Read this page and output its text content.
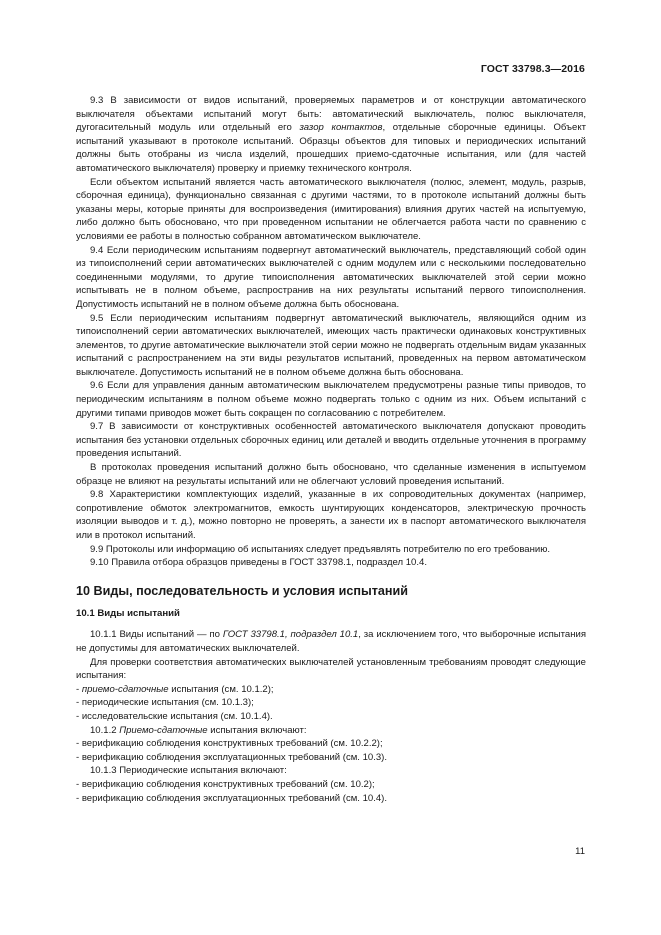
ГОСТ 33798.3—2016

9.3 В зависимости от видов испытаний, проверяемых параметров и от конструкции автоматического выключателя объектами испытаний могут быть: автоматический выключатель, полюс выключателя, дугогасительный модуль или отдельный его зазор контактов, отдельные сборочные единицы. Объект испытаний указывают в протоколе испытаний. Образцы объектов для типовых и периодических испытаний должны быть отобраны из числа изделий, прошедших приемо-сдаточные испытания, или (для частей автоматического выключателя) проверку и приемку технического контроля.

Если объектом испытаний является часть автоматического выключателя (полюс, элемент, модуль, разрыв, сборочная единица), функционально связанная с другими частями, то в протоколе испытаний должны быть указаны меры, которые приняты для воспроизведения (имитирования) влияния других частей на испытуемую, либо должно быть обосновано, что при проведенном испытании не облегчается работа части по сравнению с условиями ее работы в полностью собранном автоматическом выключателе.

9.4 Если периодическим испытаниям подвергнут автоматический выключатель, представляющий собой один из типоисполнений серии автоматических выключателей с одним модулем или с несколькими последовательно соединенными модулями, то другие типоисполнения автоматических выключателей этой серии можно испытывать не в полном объеме, распространив на них результаты испытаний первого типоисполнения. Допустимость испытаний не в полном объеме должна быть обоснована.

9.5 Если периодическим испытаниям подвергнут автоматический выключатель, являющийся одним из типоисполнений серии автоматических выключателей, имеющих часть практически одинаковых конструктивных элементов, то другие автоматические выключатели этой серии можно не подвергать отдельным видам указанных испытаний с распространением на эти виды результатов испытаний, проведенных на первом автоматическом выключателе. Допустимость испытаний не в полном объеме должна быть обоснована.

9.6 Если для управления данным автоматическим выключателем предусмотрены разные типы приводов, то периодическим испытаниям в полном объеме можно подвергать только с одним из них. Объем испытаний с другими типами приводов может быть сокращен по согласованию с потребителем.

9.7 В зависимости от конструктивных особенностей автоматического выключателя допускают проводить испытания без установки отдельных сборочных единиц или деталей и вводить отдельные уточнения в программу проведения испытаний.

В протоколах проведения испытаний должно быть обосновано, что сделанные изменения в испытуемом образце не влияют на результаты испытаний или не облегчают условий проведения испытаний.

9.8 Характеристики комплектующих изделий, указанные в их сопроводительных документах (например, сопротивление обмоток электромагнитов, емкость шунтирующих конденсаторов, электрическую прочность изоляции выводов и т. д.), можно повторно не проверять, а занести их в паспорт автоматического выключателя или в протокол испытаний.

9.9 Протоколы или информацию об испытаниях следует предъявлять потребителю по его требованию.

9.10 Правила отбора образцов приведены в ГОСТ 33798.1, подраздел 10.4.

10 Виды, последовательность и условия испытаний
10.1 Виды испытаний

10.1.1 Виды испытаний — по ГОСТ 33798.1, подраздел 10.1, за исключением того, что выборочные испытания не допустимы для автоматических выключателей.

Для проверки соответствия автоматических выключателей установленным требованиям проводят следующие испытания:

- приемо-сдаточные испытания (см. 10.1.2);

- периодические испытания (см. 10.1.3);

- исследовательские испытания (см. 10.1.4).

10.1.2 Приемо-сдаточные испытания включают:

- верификацию соблюдения конструктивных требований (см. 10.2.2);

- верификацию соблюдения эксплуатационных требований (см. 10.3).

10.1.3 Периодические испытания включают:

- верификацию соблюдения конструктивных требований (см. 10.2);

- верификацию соблюдения эксплуатационных требований (см. 10.4).

11
